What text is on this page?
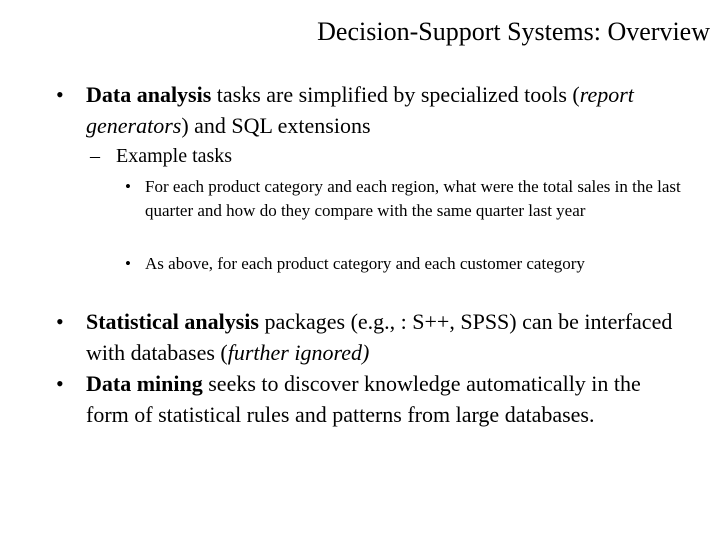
Decision-Support Systems: Overview
•	Data analysis tasks are simplified by specialized tools (report generators) and SQL extensions
– Example tasks
• For each product category and each region, what were the total sales in the last quarter and how do they compare with the same quarter last year
• As above, for each product category and each customer category
•	Statistical analysis packages (e.g., : S++, SPSS) can be interfaced with databases (further ignored)
•	Data mining seeks to discover knowledge automatically in the form of statistical rules and patterns from large databases.
